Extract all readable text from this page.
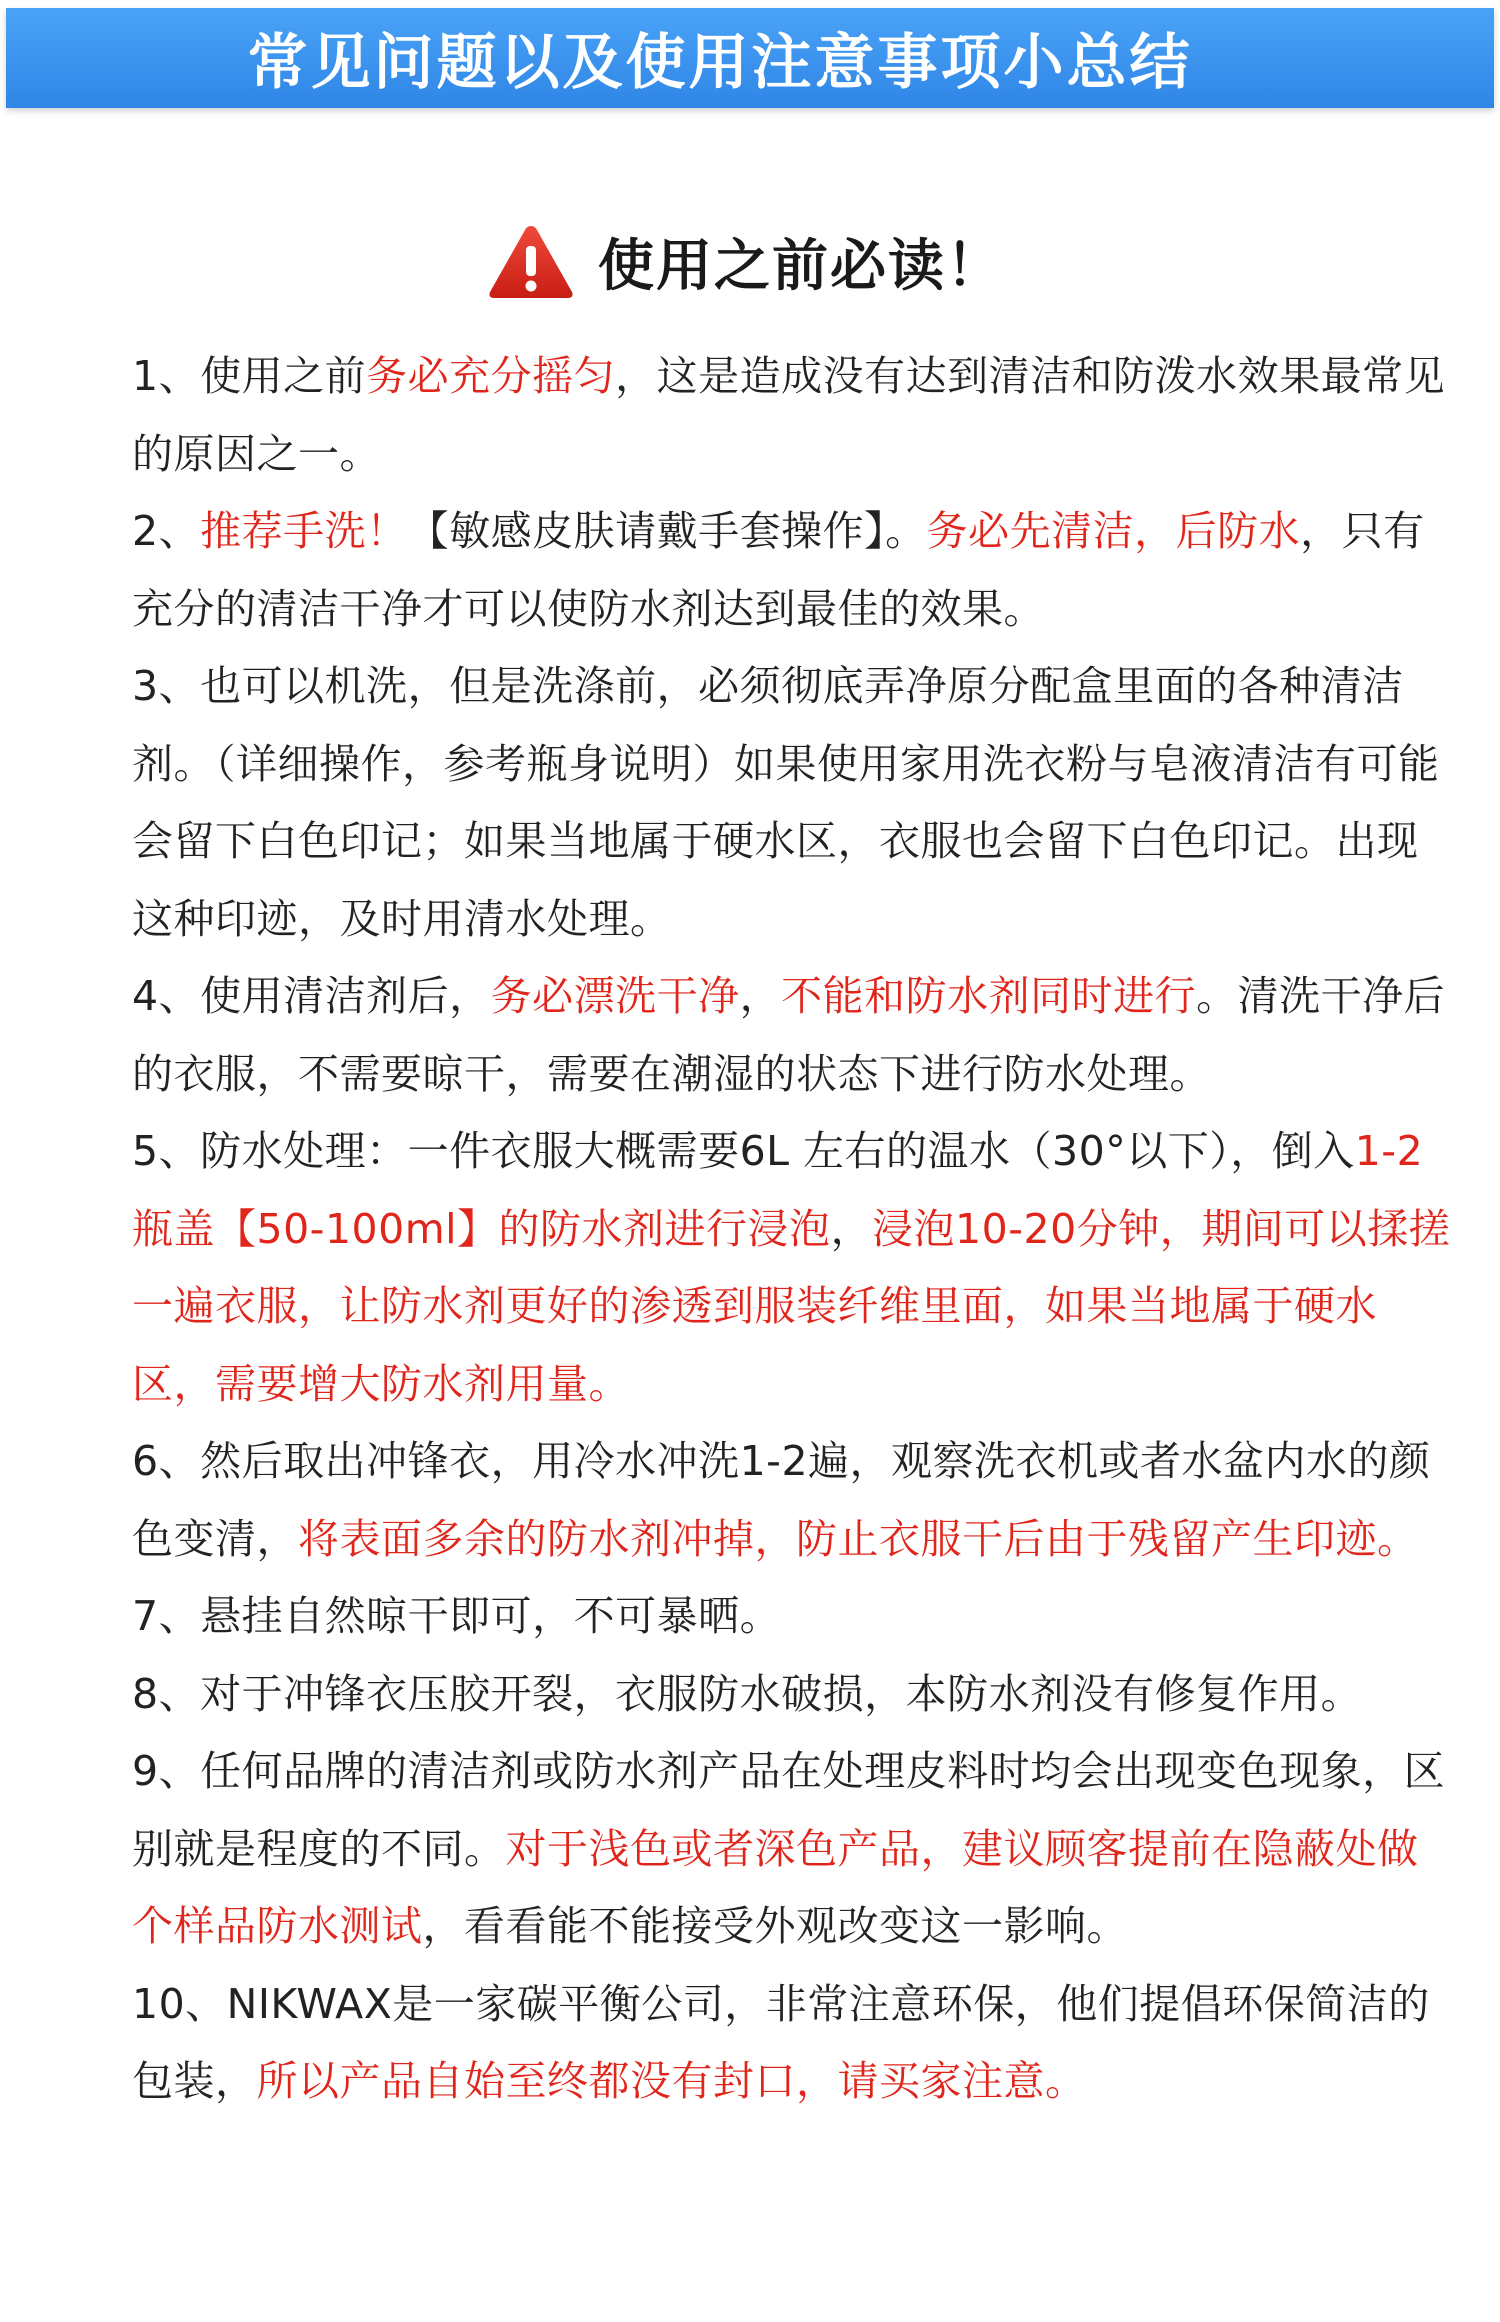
常见问题以及使用注意事项小总结
使用之前必读！

1、使用之前务必充分摇匀，这是造成没有达到清洁和防泼水效果最常见的原因之一。

2、推荐手洗！【敏感皮肤请戴手套操作】。务必先清洁，后防水，只有充分的清洁干净才可以使防水剂达到最佳的效果。

3、也可以机洗，但是洗涤前，必须彻底弄净原分配盒里面的各种清洁剂。（详细操作，参考瓶身说明）如果使用家用洗衣粉与皂液清洁有可能会留下白色印记；如果当地属于硬水区，衣服也会留下白色印记。出现这种印迹，及时用清水处理。

4、使用清洁剂后，务必漂洗干净，不能和防水剂同时进行。清洗干净后的衣服，不需要晾干，需要在潮湿的状态下进行防水处理。

5、防水处理：一件衣服大概需要6L 左右的温水（30°以下），倒入1-2瓶盖【50-100ml】的防水剂进行浸泡，浸泡10-20分钟，期间可以揉搓一遍衣服，让防水剂更好的渗透到服装纤维里面，如果当地属于硬水区，需要增大防水剂用量。

6、然后取出冲锋衣，用冷水冲洗1-2遍，观察洗衣机或者水盆内水的颜色变清，将表面多余的防水剂冲掉，防止衣服干后由于残留产生印迹。

7、悬挂自然晾干即可，不可暴晒。

8、对于冲锋衣压胶开裂，衣服防水破损，本防水剂没有修复作用。

9、任何品牌的清洁剂或防水剂产品在处理皮料时均会出现变色现象，区别就是程度的不同。对于浅色或者深色产品，建议顾客提前在隐蔽处做个样品防水测试，看看能不能接受外观改变这一影响。

10、NIKWAX是一家碳平衡公司，非常注意环保，他们提倡环保简洁的包装，所以产品自始至终都没有封口，请买家注意。
